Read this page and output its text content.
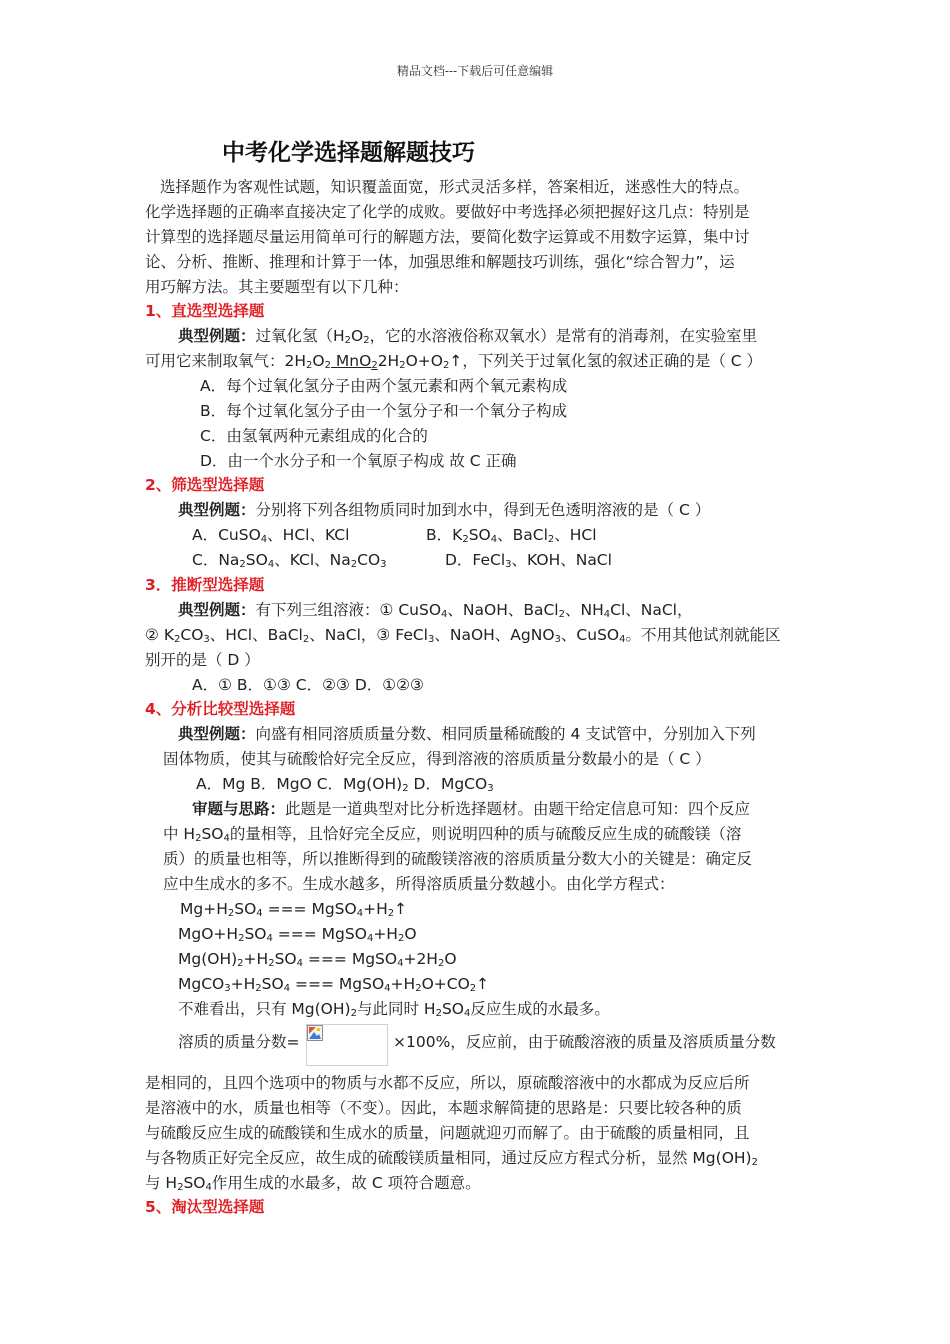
精品文档---下载后可任意编辑
中考化学选择题解题技巧
选择题作为客观性试题，知识覆盖面宽，形式灵活多样，答案相近，迷惑性大的特点。
化学选择题的正确率直接决定了化学的成败。要做好中考选择必须把握好这几点：特别是
计算型的选择题尽量运用简单可行的解题方法，要简化数字运算或不用数字运算，集中讨
论、分析、推断、推理和计算于一体，加强思维和解题技巧训练，强化“综合智力”，运
用巧解方法。其主要题型有以下几种：
1、直选型选择题
典型例题：过氧化氢（$H_2O_2$，它的水溶液俗称双氧水）是常有的消毒剂，在实验室里
可用它来制取氧气：$2H_2O_2$ $MnO_22H_2O+O_2↑$，下列关于过氧化氢的叙述正确的是（ C ）
A．每个过氧化氢分子由两个氢元素和两个氧元素构成
B．每个过氧化氢分子由一个氢分子和一个氧分子构成
C．由氢氧两种元素组成的化合的
D．由一个水分子和一个氧原子构成 故 C 正确
2、筛选型选择题
典型例题：分别将下列各组物质同时加到水中，得到无色透明溶液的是（ C ）
A．CuSO$_4$、HCl、KCl	B．$K_2SO_4$、BaCl$_2$、HCl
C．$Na_2SO_4$、KCl、$Na_2CO_3$	D．FeCl$_3$、KOH、NaCl
3．推断型选择题
典型例题：有下列三组溶液：① CuSO$_4$、NaOH、BaCl$_2$、$NH_4Cl$、NaCl，
② $K_2CO_3$、HCl、BaCl$_2$、NaCl，③ FeCl$_3$、NaOH、AgNO$_3$、CuSO$_4$。不用其他试剂就能区
别开的是（ D ）
A．① B．①③ C．②③ D．①②③
4、分析比较型选择题
典型例题：向盛有相同溶质质量分数、相同质量稀硫酸的 4 支试管中，分别加入下列
固体物质，使其与硫酸恰好完全反应，得到溶液的溶质质量分数最小的是（ C ）
A．Mg B．MgO C．$Mg(OH)_2$ D．MgCO$_3$
审题与思路：此题是一道典型对比分析选择题材。由题干给定信息可知：四个反应
中 $H_2SO_4$的量相等，且恰好完全反应，则说明四种的质与硫酸反应生成的硫酸镁（溶
质）的质量也相等，所以推断得到的硫酸镁溶液的溶质质量分数大小的关键是：确定反
应中生成水的多不。生成水越多，所得溶质质量分数越小。由化学方程式：
$Mg+H_2SO_4$ === $MgSO_4+H_2↑$
$MgO+H_2SO_4$ === $MgSO_4+H_2O$
$Mg(OH)_2+H_2SO_4$ === $MgSO_4+2H_2O$
$MgCO_3+H_2SO_4$ === $MgSO_4+H_2O+CO_2↑$
不难看出，只有 $Mg(OH)_2$与此同时 $H_2SO_4$反应生成的水最多。
溶质的质量分数=	×100%，反应前，由于硫酸溶液的质量及溶质质量分数
是相同的，且四个选项中的物质与水都不反应，所以，原硫酸溶液中的水都成为反应后所
是溶液中的水，质量也相等（不变）。因此，本题求解简捷的思路是：只要比较各种的质
与硫酸反应生成的硫酸镁和生成水的质量，问题就迎刃而解了。由于硫酸的质量相同，且
与各物质正好完全反应，故生成的硫酸镁质量相同，通过反应方程式分析，显然 $Mg(OH)_2$
与 $H_2SO_4$作用生成的水最多，故 C 项符合题意。
5、淘汰型选择题
